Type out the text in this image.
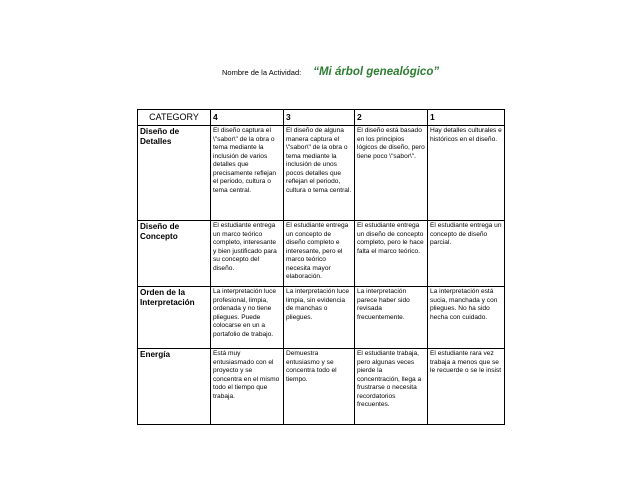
Nombre de la Actividad: “Mi árbol genealógico”
CATEGORY	4	3	2	1
Diseño de Detalles	El diseño captura el \"sabor\" de la obra o tema mediante la inclusión de varios detalles que precisamente reflejan el periodo, cultura o tema central.	El diseño de alguna manera captura el \"sabor\" de la obra o tema mediante la inclusión de unos pocos detalles que reflejan el periodo, cultura o tema central.	El diseño está basado en los principios lógicos de diseño, pero tiene poco \"sabor\".	Hay detalles culturales e históricos en el diseño.
Diseño de Concepto	El estudiante entrega un marco teórico completo, interesante y bien justificado para su concepto del diseño.	El estudiante entrega un concepto de diseño completo e interesante, pero el marco teórico necesita mayor elaboración.	El estudiante entrega un diseño de concepto completo, pero le hace falta el marco teórico.	El estudiante entrega un concepto de diseño parcial.
Orden de la Interpretación	La interpretación luce profesional, limpia, ordenada y no tiene pliegues. Puede colocarse en un a portafolio de trabajo.	La interpretación luce limpia, sin evidencia de manchas o pliegues.	La interpretación parece haber sido revisada frecuentemente.	La interpretación está sucia, manchada y con pliegues. No ha sido hecha con cuidado.
Energía	Está muy entusiasmado con el proyecto y se concentra en el mismo todo el tiempo que trabaja.	Demuestra entusiasmo y se concentra todo el tiempo.	El estudiante trabaja, pero algunas veces pierde la concentración, llega a frustrarse o necesita recordatorios frecuentes.	El estudiante rara vez trabaja a menos que se le recuerde o se le insist
